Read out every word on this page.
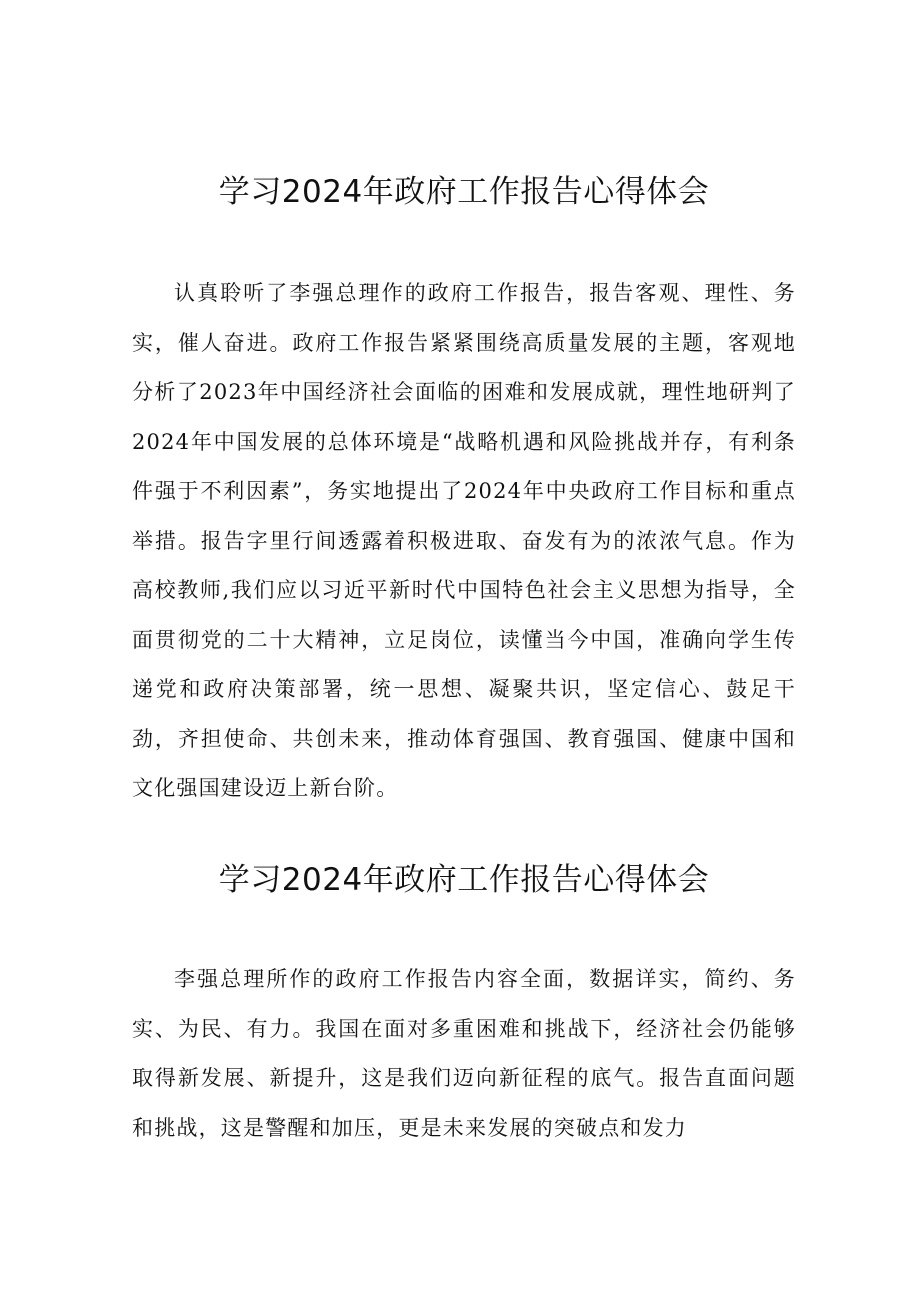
学习2024年政府工作报告心得体会

认真聆听了李强总理作的政府工作报告，报告客观、理性、务实，催人奋进。政府工作报告紧紧围绕高质量发展的主题，客观地分析了2023年中国经济社会面临的困难和发展成就，理性地研判了2024年中国发展的总体环境是“战略机遇和风险挑战并存，有利条件强于不利因素”，务实地提出了2024年中央政府工作目标和重点举措。报告字里行间透露着积极进取、奋发有为的浓浓气息。作为高校教师,我们应以习近平新时代中国特色社会主义思想为指导，全面贯彻党的二十大精神，立足岗位，读懂当今中国，准确向学生传递党和政府决策部署，统一思想、凝聚共识，坚定信心、鼓足干劲，齐担使命、共创未来，推动体育强国、教育强国、健康中国和文化强国建设迈上新台阶。

学习2024年政府工作报告心得体会

李强总理所作的政府工作报告内容全面，数据详实，简约、务实、为民、有力。我国在面对多重困难和挑战下，经济社会仍能够取得新发展、新提升，这是我们迈向新征程的底气。报告直面问题和挑战，这是警醒和加压，更是未来发展的突破点和发力
